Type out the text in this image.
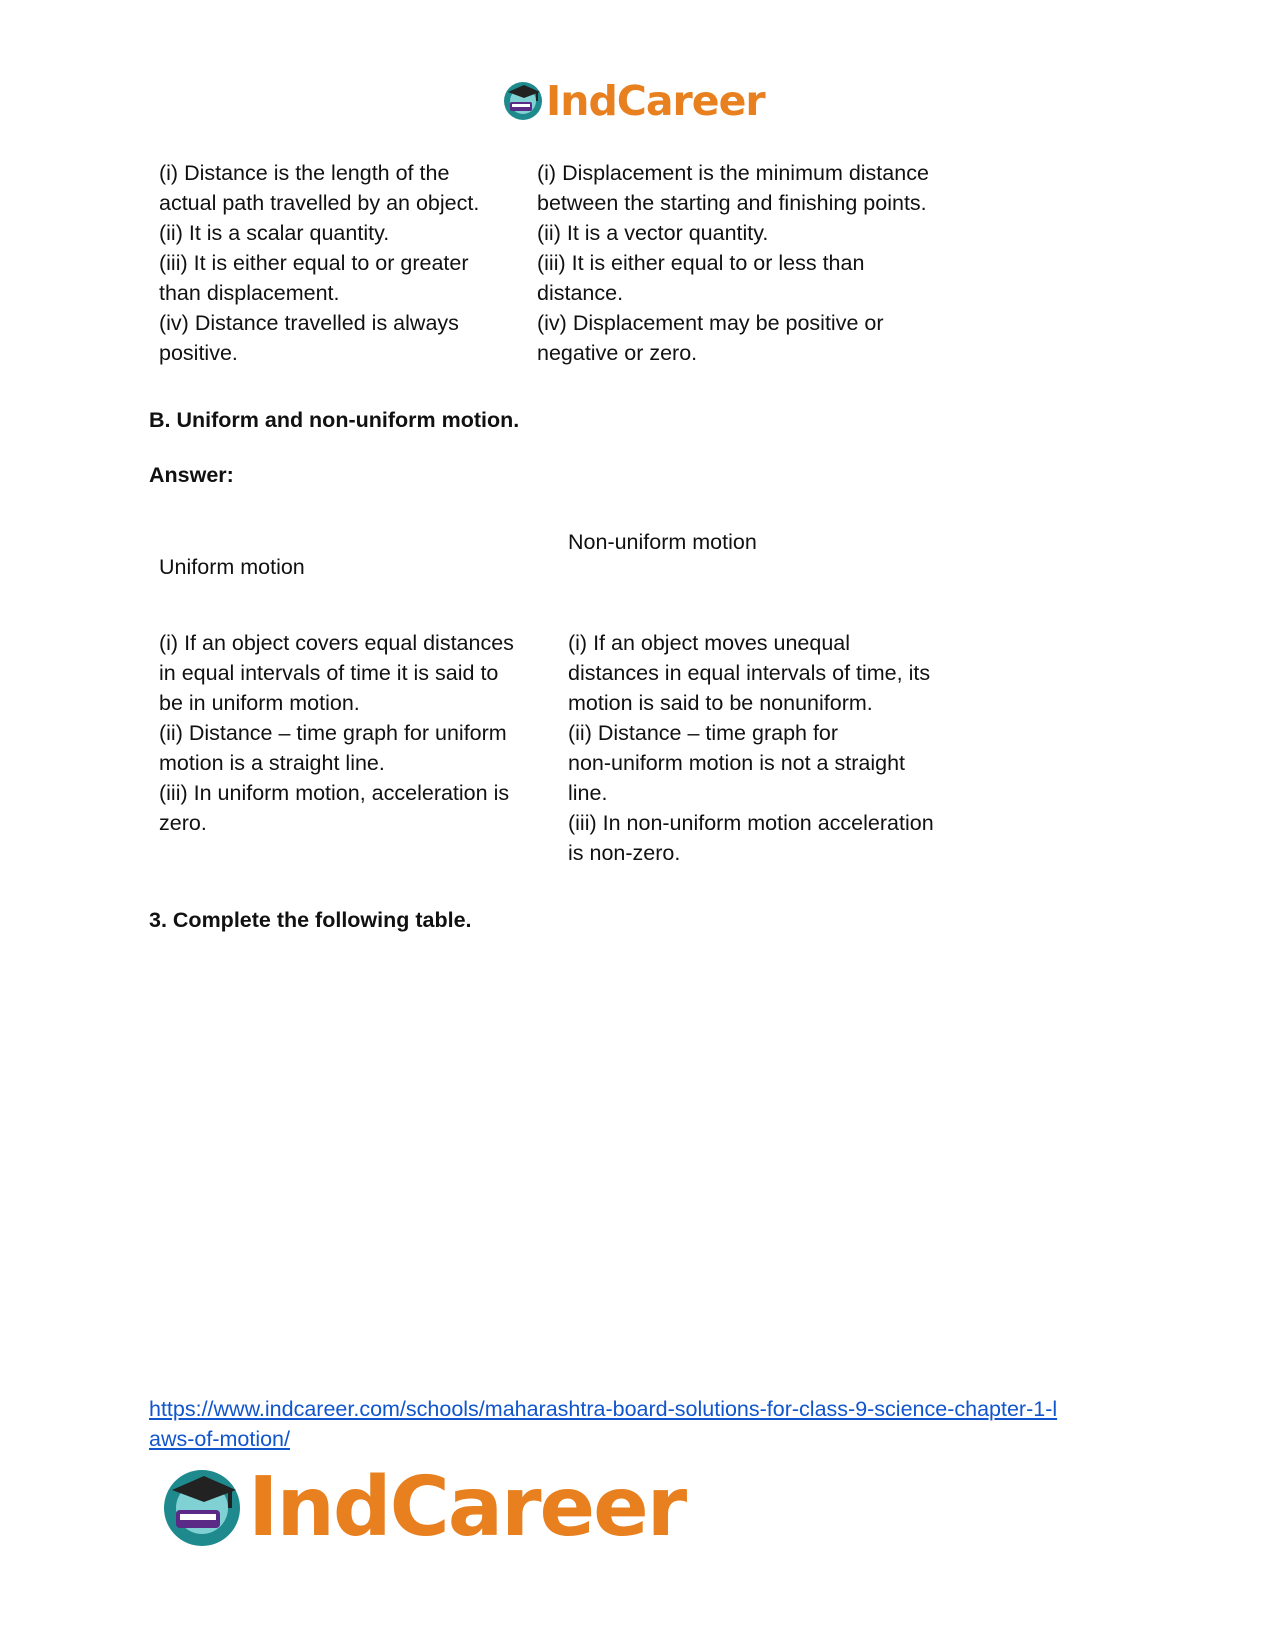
IndCareer
(i) Distance is the length of the
actual path travelled by an object.
(ii) It is a scalar quantity.
(iii) It is either equal to or greater
than displacement.
(iv) Distance travelled is always
positive.
(i) Displacement is the minimum distance
between the starting and finishing points.
(ii) It is a vector quantity.
(iii) It is either equal to or less than
distance.
(iv) Displacement may be positive or
negative or zero.
B. Uniform and non-uniform motion.
Answer:
Uniform motion
Non-uniform motion
(i) If an object covers equal distances
in equal intervals of time it is said to
be in uniform motion.
(ii) Distance – time graph for uniform
motion is a straight line.
(iii) In uniform motion, acceleration is
zero.
(i) If an object moves unequal
distances in equal intervals of time, its
motion is said to be nonuniform.
(ii) Distance – time graph for
non-uniform motion is not a straight
line.
(iii) In non-uniform motion acceleration
is non-zero.
3. Complete the following table.
https://www.indcareer.com/schools/maharashtra-board-solutions-for-class-9-science-chapter-1-l
aws-of-motion/
IndCareer
